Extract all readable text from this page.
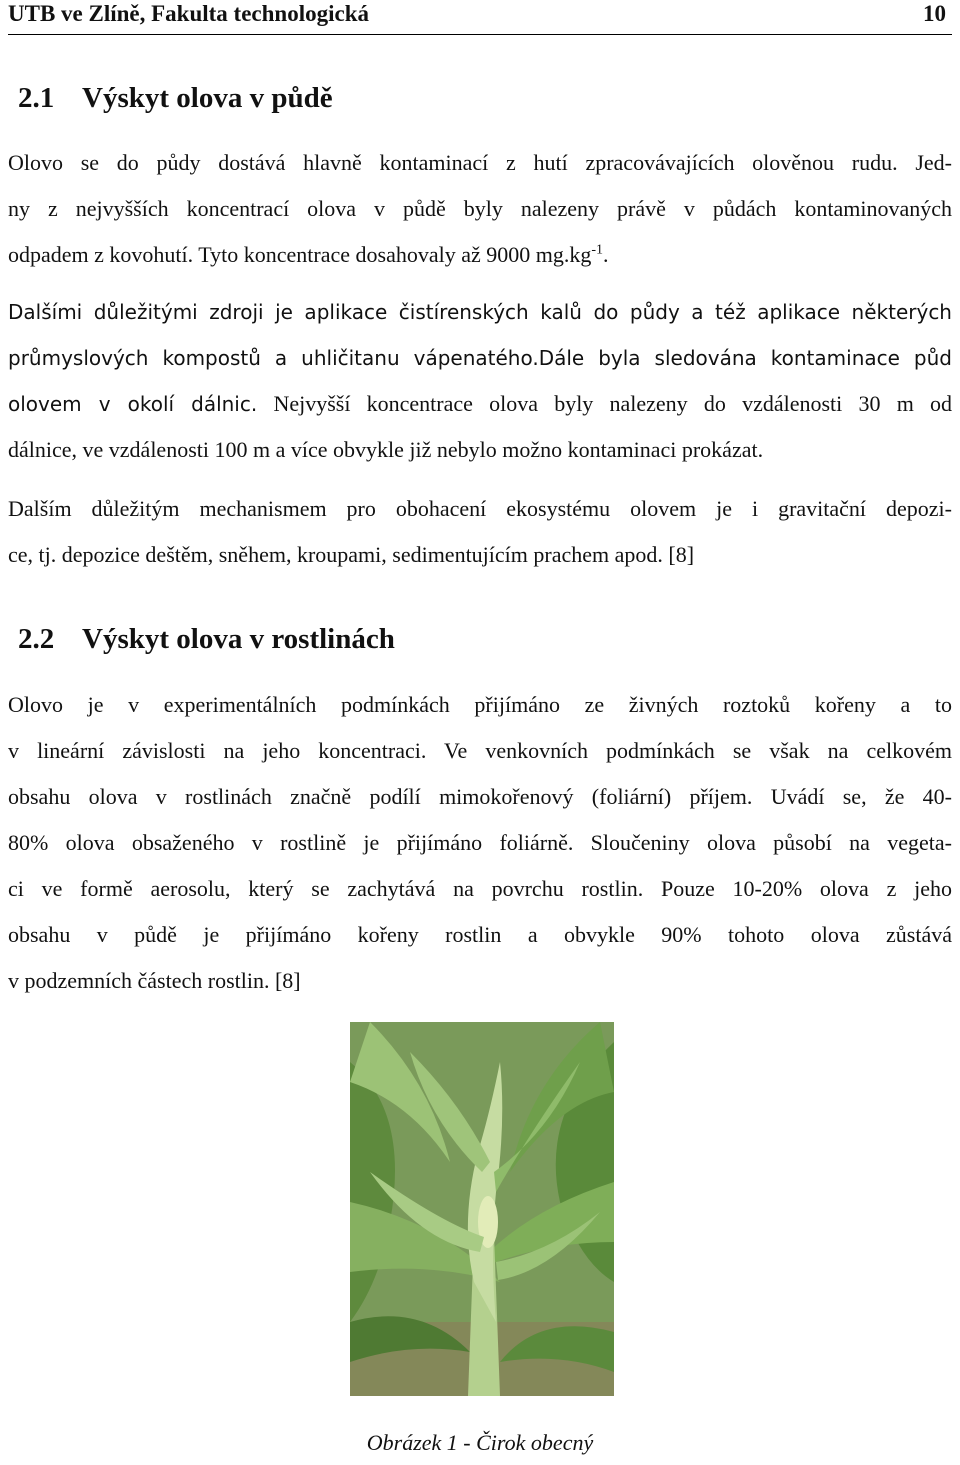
UTB ve Zlíně, Fakulta technologická	10
2.1 Výskyt olova v půdě
Olovo se do půdy dostává hlavně kontaminací z hutí zpracovávajících olověnou rudu. Jed-
ny z nejvyšších koncentrací olova v půdě byly nalezeny právě v půdách kontaminovaných
odpadem z kovohutí. Tyto koncentrace dosahovaly až 9000 $mg.kg^{-1}$.
Dalšími důležitými zdroji je aplikace čistírenských kalů do půdy a též aplikace některých
průmyslových kompostů a uhličitanu vápenatého.Dále byla sledována kontaminace půd
olovem v okolí dálnic. Nejvyšší koncentrace olova byly nalezeny do vzdálenosti 30 m od
dálnice, ve vzdálenosti 100 m a více obvykle již nebylo možno kontaminaci prokázat.
Dalším důležitým mechanismem pro obohacení ekosystému olovem je i gravitační depozi-
ce, tj. depozice deštěm, sněhem, kroupami, sedimentujícím prachem apod. [8]
2.2 Výskyt olova v rostlinách
Olovo je v experimentálních podmínkách přijímáno ze živných roztoků kořeny a to
v lineární závislosti na jeho koncentraci. Ve venkovních podmínkách se však na celkovém
obsahu olova v rostlinách značně podílí mimokořenový (foliární) příjem. Uvádí se, že 40-
80% olova obsaženého v rostlině je přijímáno foliárně. Sloučeniny olova působí na vegeta-
ci ve formě aerosolu, který se zachytává na povrchu rostlin. Pouze 10-20% olova z jeho
obsahu v půdě je přijímáno kořeny rostlin a obvykle 90% tohoto olova zůstává
v podzemních částech rostlin. [8]
Obrázek 1 - Čirok obecný
